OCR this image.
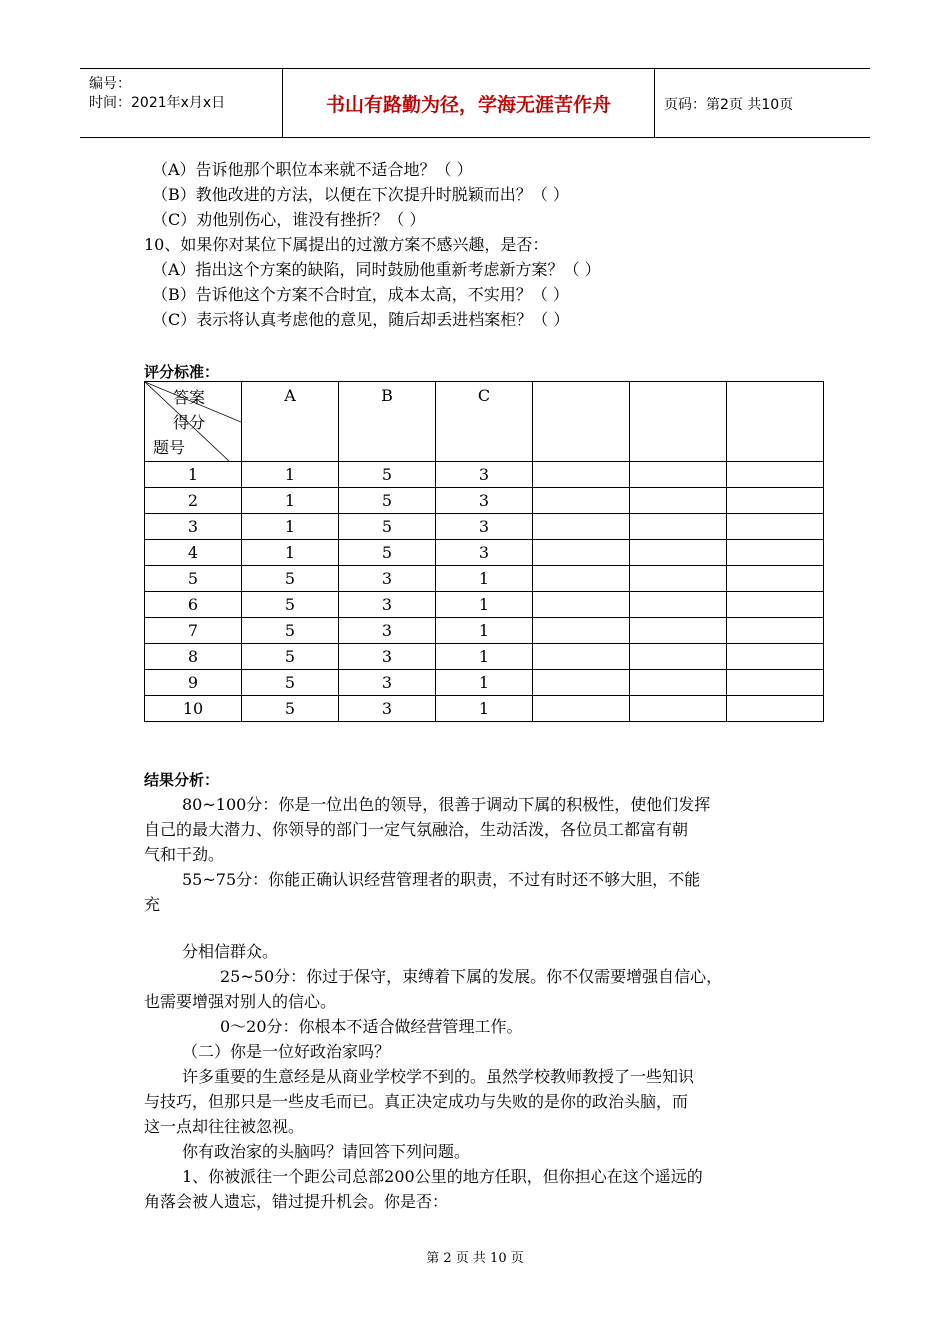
编号：
时间：2021年x月x日	书山有路勤为径，学海无涯苦作舟	页码：第2页 共10页
（A）告诉他那个职位本来就不适合地？（ ）
（B）教他改进的方法，以便在下次提升时脱颖而出？（ ）
（C）劝他别伤心，谁没有挫折？（ ）
10、如果你对某位下属提出的过激方案不感兴趣，是否：
（A）指出这个方案的缺陷，同时鼓励他重新考虑新方案？（ ）
（B）告诉他这个方案不合时宜，成本太高，不实用？（ ）
（C）表示将认真考虑他的意见，随后却丢进档案柜？（ ）
评分标准：
答案
得分
题号	A	B	C			
1	1	5	3			
2	1	5	3			
3	1	5	3			
4	1	5	3			
5	5	3	1			
6	5	3	1			
7	5	3	1			
8	5	3	1			
9	5	3	1			
10	5	3	1			
结果分析：
80~100分：你是一位出色的领导，很善于调动下属的积极性，使他们发挥
自己的最大潜力、你领导的部门一定气氛融洽，生动活泼，各位员工都富有朝
气和干劲。
55~75分：你能正确认识经营管理者的职责，不过有时还不够大胆，不能
充
分相信群众。
25~50分：你过于保守，束缚着下属的发展。你不仅需要增强自信心，
也需要增强对别人的信心。
0～20分：你根本不适合做经营管理工作。
（二）你是一位好政治家吗？
许多重要的生意经是从商业学校学不到的。虽然学校教师教授了一些知识
与技巧，但那只是一些皮毛而已。真正决定成功与失败的是你的政治头脑，而
这一点却往往被忽视。
你有政治家的头脑吗？请回答下列问题。
1、你被派往一个距公司总部200公里的地方任职，但你担心在这个遥远的
角落会被人遗忘，错过提升机会。你是否：
第 2 页 共 10 页
